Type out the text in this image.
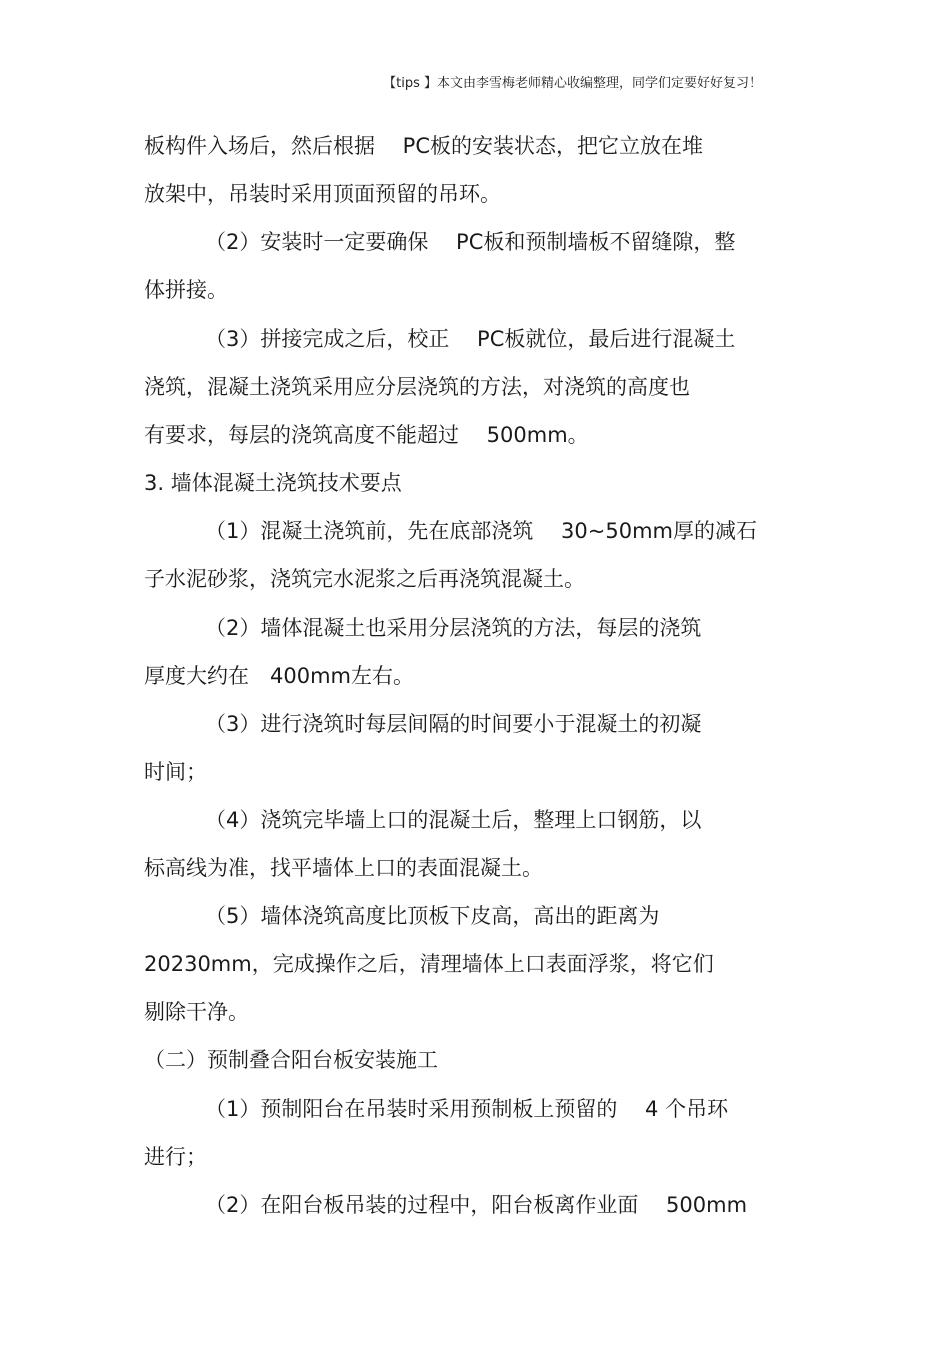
【tips 】本文由李雪梅老师精心收编整理，同学们定要好好复习！
板构件入场后，然后根据　 PC板的安装状态，把它立放在堆
放架中，吊装时采用顶面预留的吊环。
（2）安装时一定要确保　 PC板和预制墙板不留缝隙，整
体拼接。
（3）拼接完成之后，校正　 PC板就位，最后进行混凝土
浇筑，混凝土浇筑采用应分层浇筑的方法，对浇筑的高度也
有要求，每层的浇筑高度不能超过　 500mm。
3. 墙体混凝土浇筑技术要点
（1）混凝土浇筑前，先在底部浇筑　 30~50mm厚的减石
子水泥砂浆，浇筑完水泥浆之后再浇筑混凝土。
（2）墙体混凝土也采用分层浇筑的方法，每层的浇筑
厚度大约在　400mm左右。
（3）进行浇筑时每层间隔的时间要小于混凝土的初凝
时间；
（4）浇筑完毕墙上口的混凝土后，整理上口钢筋，以
标高线为准，找平墙体上口的表面混凝土。
（5）墙体浇筑高度比顶板下皮高，高出的距离为
20230mm，完成操作之后，清理墙体上口表面浮浆，将它们
剔除干净。
（二）预制叠合阳台板安装施工
（1）预制阳台在吊装时采用预制板上预留的　 4 个吊环
进行；
（2）在阳台板吊装的过程中，阳台板离作业面　 500mm
